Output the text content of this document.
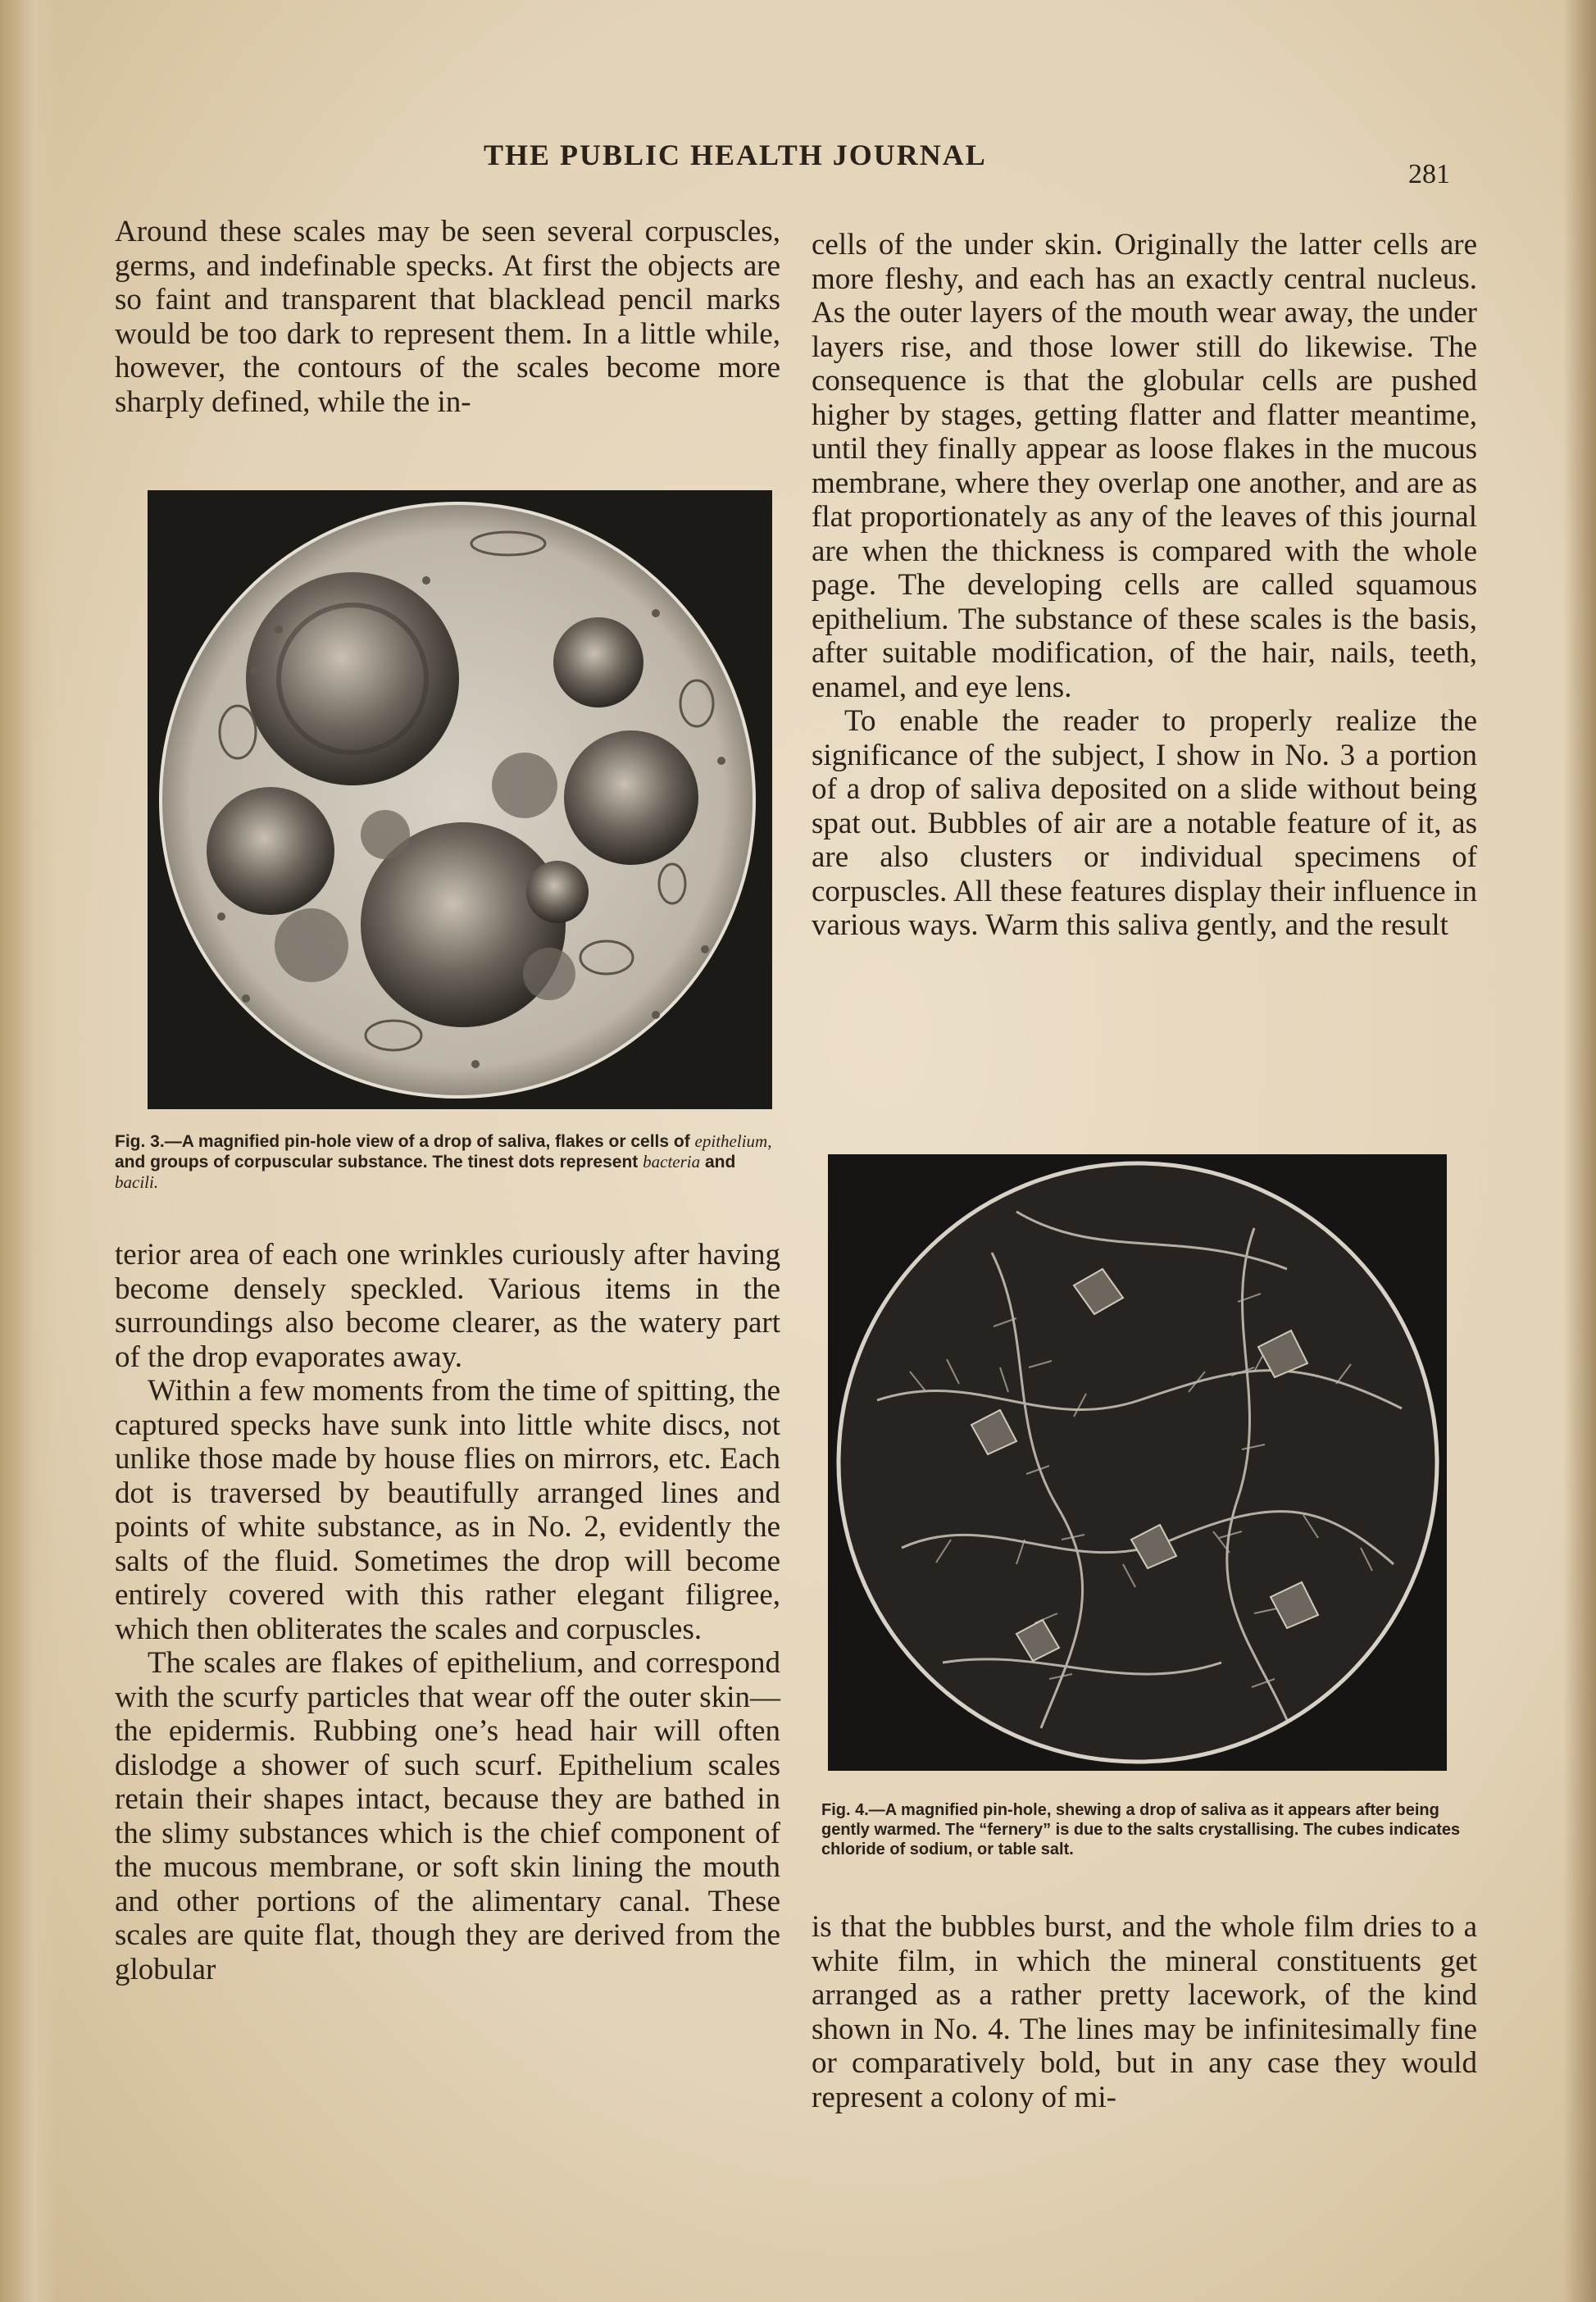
THE PUBLIC HEALTH JOURNAL
281

Around these scales may be seen several corpuscles, germs, and indefinable specks. At first the objects are so faint and transparent that blacklead pencil marks would be too dark to represent them. In a little while, however, the contours of the scales become more sharply defined, while the in-

Fig. 3.—A magnified pin-hole view of a drop of saliva, flakes or cells of epithelium, and groups of corpuscular substance. The tinest dots represent bacteria and bacili.

terior area of each one wrinkles curiously after having become densely speckled. Various items in the surroundings also become clearer, as the watery part of the drop evaporates away.

Within a few moments from the time of spitting, the captured specks have sunk into little white discs, not unlike those made by house flies on mirrors, etc. Each dot is traversed by beautifully arranged lines and points of white substance, as in No. 2, evidently the salts of the fluid. Sometimes the drop will become entirely covered with this rather elegant filigree, which then obliterates the scales and corpuscles.

The scales are flakes of epithelium, and correspond with the scurfy particles that wear off the outer skin—the epidermis. Rubbing one’s head hair will often dislodge a shower of such scurf. Epithelium scales retain their shapes intact, because they are bathed in the slimy substances which is the chief component of the mucous membrane, or soft skin lining the mouth and other portions of the alimentary canal. These scales are quite flat, though they are derived from the globular

cells of the under skin. Originally the latter cells are more fleshy, and each has an exactly central nucleus. As the outer layers of the mouth wear away, the under layers rise, and those lower still do likewise. The consequence is that the globular cells are pushed higher by stages, getting flatter and flatter meantime, until they finally appear as loose flakes in the mucous membrane, where they overlap one another, and are as flat proportionately as any of the leaves of this journal are when the thickness is compared with the whole page. The developing cells are called squamous epithelium. The substance of these scales is the basis, after suitable modification, of the hair, nails, teeth, enamel, and eye lens.

To enable the reader to properly realize the significance of the subject, I show in No. 3 a portion of a drop of saliva deposited on a slide without being spat out. Bubbles of air are a notable feature of it, as are also clusters or individual specimens of corpuscles. All these features display their influence in various ways. Warm this saliva gently, and the result

Fig. 4.—A magnified pin-hole, shewing a drop of saliva as it appears after being gently warmed. The “fernery” is due to the salts crystallising. The cubes indicates chloride of sodium, or table salt.

is that the bubbles burst, and the whole film dries to a white film, in which the mineral constituents get arranged as a rather pretty lacework, of the kind shown in No. 4. The lines may be infinitesimally fine or comparatively bold, but in any case they would represent a colony of mi-
